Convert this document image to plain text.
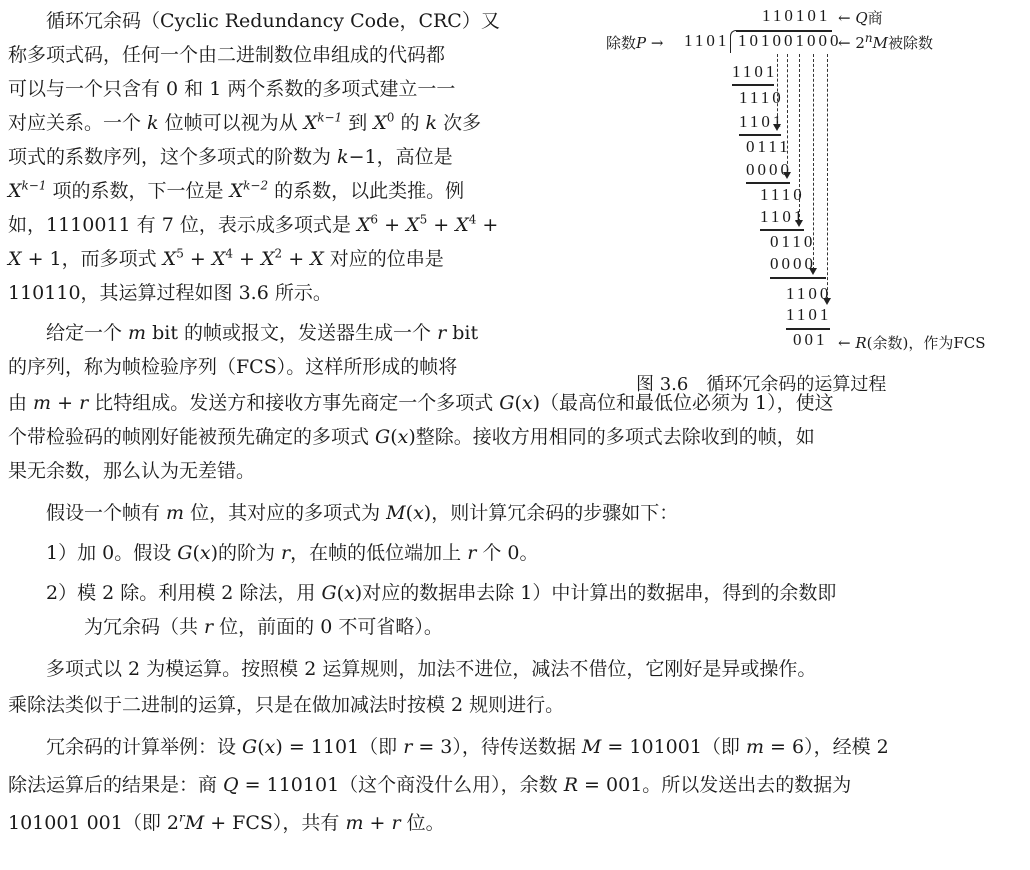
循环冗余码（Cyclic Redundancy Code，CRC）又
称多项式码，任何一个由二进制数位串组成的代码都
可以与一个只含有 0 和 1 两个系数的多项式建立一一
对应关系。一个 k 位帧可以视为从 $X^{k-1}$ 到 $X^0$ 的 k 次多
项式的系数序列，这个多项式的阶数为 k−1，高位是
$X^{k-1}$ 项的系数，下一位是 $X^{k-2}$ 的系数，以此类推。例
如，1110011 有 7 位，表示成多项式是 $X^6 + X^5 + X^4$ +
X + 1，而多项式 $X^5 + X^4 + X^2 + X$ 对应的位串是
110110，其运算过程如图 3.6 所示。
给定一个 m bit 的帧或报文，发送器生成一个 r bit
的序列，称为帧检验序列（FCS）。这样所形成的帧将
由 m + r 比特组成。发送方和接收方事先商定一个多项式 G(x)（最高位和最低位必须为 1），使这
个带检验码的帧刚好能被预先确定的多项式 G(x)整除。接收方用相同的多项式去除收到的帧，如
果无余数，那么认为无差错。
假设一个帧有 m 位，其对应的多项式为 M(x)，则计算冗余码的步骤如下：
1）加 0。假设 G(x)的阶为 r，在帧的低位端加上 r 个 0。
2）模 2 除。利用模 2 除法，用 G(x)对应的数据串去除 1）中计算出的数据串，得到的余数即
为冗余码（共 r 位，前面的 0 不可省略）。
多项式以 2 为模运算。按照模 2 运算规则，加法不进位，减法不借位，它刚好是异或操作。
乘除法类似于二进制的运算，只是在做加减法时按模 2 规则进行。
冗余码的计算举例：设 G(x) = 1101（即 r = 3），待传送数据 M = 101001（即 m = 6），经模 2
除法运算后的结果是：商 Q = 110101（这个商没什么用），余数 R = 001。所以发送出去的数据为
101001 001（即 $2^rM + FCS$），共有 m + r 位。
110101 ← Q商
除数P → 1101 101001000
← 2$^n$M被除数
1101
1110
1101
0111
0000
1110
1101
0110
0000
1100
1101
001 ← R(余数)，作为FCS
图 3.6　循环冗余码的运算过程
